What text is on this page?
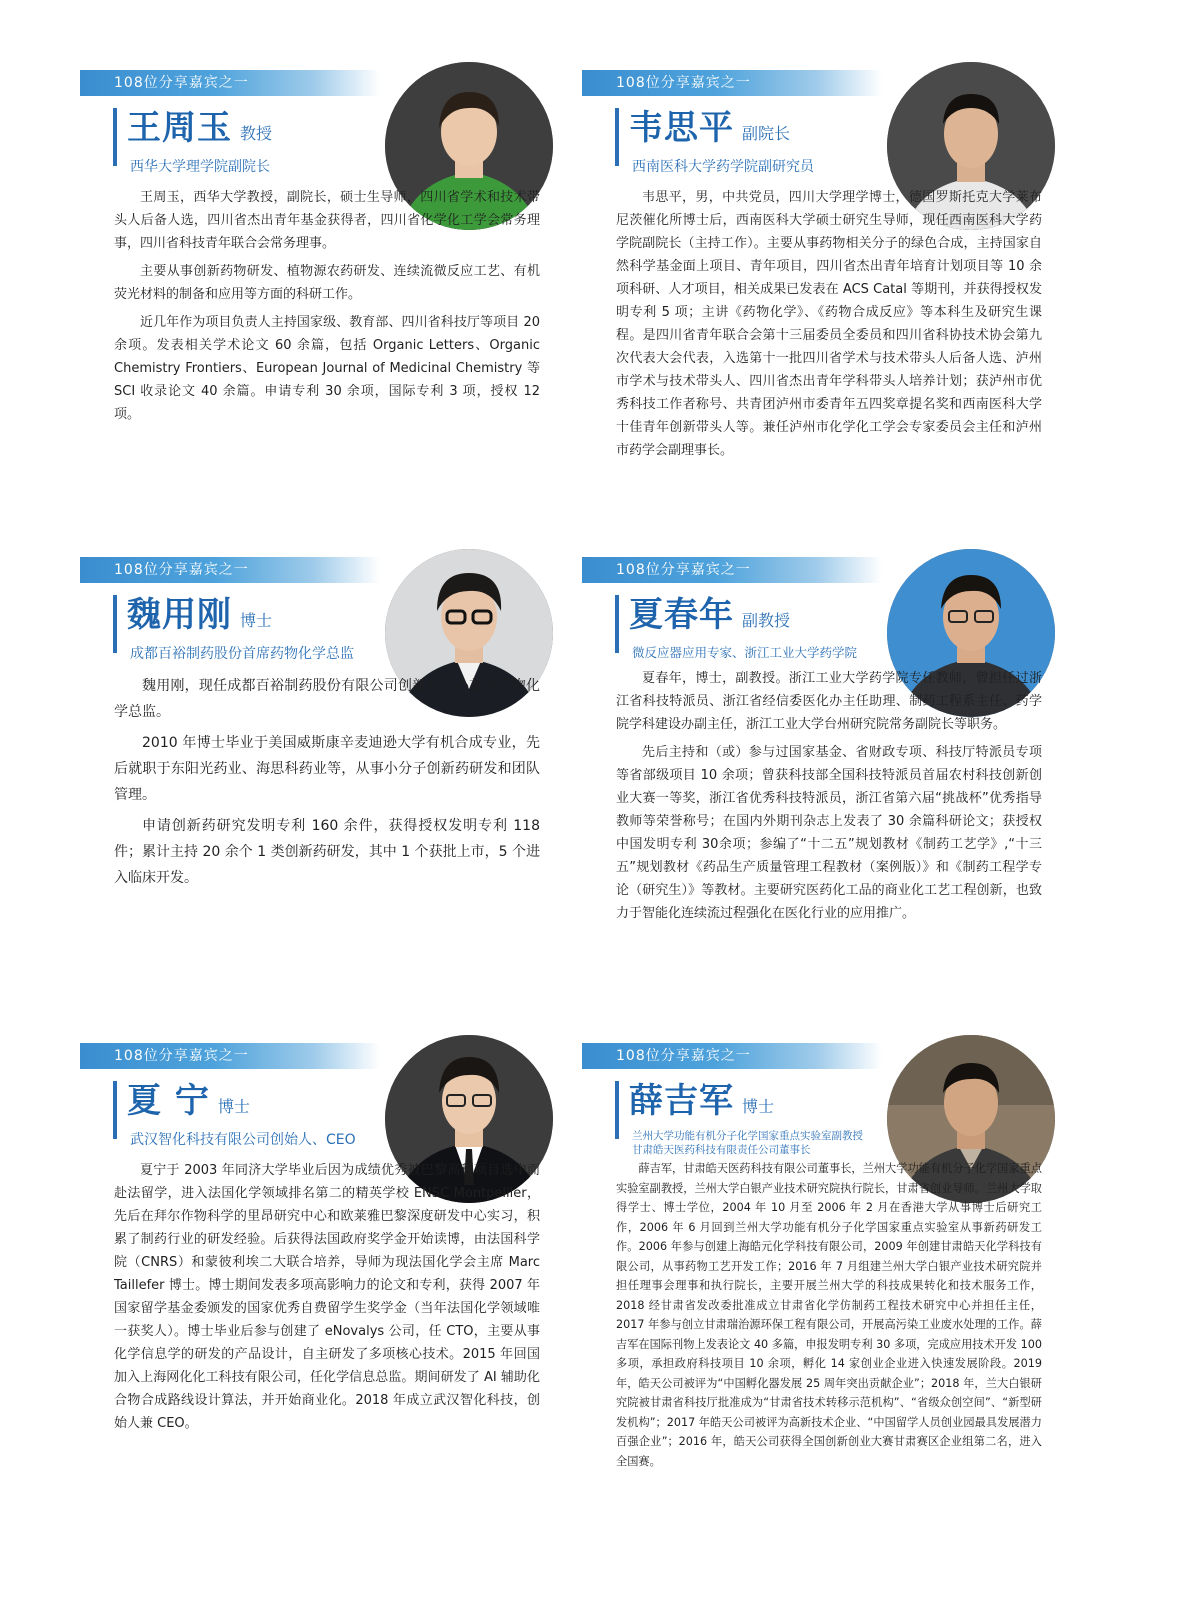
108位分享嘉宾之一
王周玉 教授
西华大学理学院副院长

王周玉，西华大学教授，副院长，硕士生导师，四川省学术和技术带头人后备人选，四川省杰出青年基金获得者，四川省化学化工学会常务理事，四川省科技青年联合会常务理事。

主要从事创新药物研发、植物源农药研发、连续流微反应工艺、有机荧光材料的制备和应用等方面的科研工作。

近几年作为项目负责人主持国家级、教育部、四川省科技厅等项目 20 余项。发表相关学术论文 60 余篇，包括 Organic Letters、Organic Chemistry Frontiers、European Journal of Medicinal Chemistry 等 SCI 收录论文 40 余篇。申请专利 30 余项，国际专利 3 项，授权 12 项。

108位分享嘉宾之一
韦思平 副院长
西南医科大学药学院副研究员

韦思平，男，中共党员，四川大学理学博士，德国罗斯托克大学莱布尼茨催化所博士后，西南医科大学硕士研究生导师，现任西南医科大学药学院副院长（主持工作）。主要从事药物相关分子的绿色合成，主持国家自然科学基金面上项目、青年项目，四川省杰出青年培育计划项目等 10 余项科研、人才项目，相关成果已发表在 ACS Catal 等期刊，并获得授权发明专利 5 项；主讲《药物化学》、《药物合成反应》等本科生及研究生课程。是四川省青年联合会第十三届委员全委员和四川省科协技术协会第九次代表大会代表，入选第十一批四川省学术与技术带头人后备人选、泸州市学术与技术带头人、四川省杰出青年学科带头人培养计划；获泸州市优秀科技工作者称号、共青团泸州市委青年五四奖章提名奖和西南医科大学十佳青年创新带头人等。兼任泸州市化学化工学会专家委员会主任和泸州市药学会副理事长。

108位分享嘉宾之一
魏用刚 博士
成都百裕制药股份首席药物化学总监

魏用刚，现任成都百裕制药股份有限公司创新药中心首席药物化学总监。

2010 年博士毕业于美国威斯康辛麦迪逊大学有机合成专业，先后就职于东阳光药业、海思科药业等，从事小分子创新药研发和团队管理。

申请创新药研究发明专利 160 余件，获得授权发明专利 118 件；累计主持 20 余个 1 类创新药研发，其中 1 个获批上市，5 个进入临床开发。

108位分享嘉宾之一
夏春年 副教授
微反应器应用专家、浙江工业大学药学院

夏春年，博士，副教授。浙江工业大学药学院专任教师，曾担任过浙江省科技特派员、浙江省经信委医化办主任助理、制药工程系主任、药学院学科建设办副主任，浙江工业大学台州研究院常务副院长等职务。

先后主持和（或）参与过国家基金、省财政专项、科技厅特派员专项等省部级项目 10 余项；曾获科技部全国科技特派员首届农村科技创新创业大赛一等奖，浙江省优秀科技特派员，浙江省第六届“挑战杯”优秀指导教师等荣誉称号；在国内外期刊杂志上发表了 30 余篇科研论文；获授权中国发明专利 30余项；参编了“十二五”规划教材《制药工艺学》,“十三五”规划教材《药品生产质量管理工程教材（案例版）》和《制药工程学专论（研究生）》等教材。主要研究医药化工品的商业化工艺工程创新，也致力于智能化连续流过程强化在医化行业的应用推广。

108位分享嘉宾之一
夏 宁 博士
武汉智化科技有限公司创始人、CEO

夏宁于 2003 年同济大学毕业后因为成绩优秀被巴黎高科项目选中而赴法留学，进入法国化学领域排名第二的精英学校 ENSC Montpellier，先后在拜尔作物科学的里昂研究中心和欧莱雅巴黎深度研发中心实习，积累了制药行业的研发经验。后获得法国政府奖学金开始读博，由法国科学院（CNRS）和蒙彼利埃二大联合培养，导师为现法国化学会主席 Marc Taillefer 博士。博士期间发表多项高影响力的论文和专利，获得 2007 年国家留学基金委颁发的国家优秀自费留学生奖学金（当年法国化学领域唯一获奖人）。博士毕业后参与创建了 eNovalys 公司，任 CTO，主要从事化学信息学的研发的产品设计，自主研发了多项核心技术。2015 年回国加入上海网化化工科技有限公司，任化学信息总监。期间研发了 AI 辅助化合物合成路线设计算法，并开始商业化。2018 年成立武汉智化科技，创始人兼 CEO。

108位分享嘉宾之一
薛吉军 博士
兰州大学功能有机分子化学国家重点实验室副教授
甘肃皓天医药科技有限责任公司董事长

薛吉军，甘肃皓天医药科技有限公司董事长，兰州大学功能有机分子化学国家重点实验室副教授，兰州大学白银产业技术研究院执行院长，甘肃省创业导师。兰州大学取得学士、博士学位，2004 年 10 月至 2006 年 2 月在香港大学从事博士后研究工作，2006 年 6 月回到兰州大学功能有机分子化学国家重点实验室从事新药研发工作。2006 年参与创建上海皓元化学科技有限公司，2009 年创建甘肃皓天化学科技有限公司，从事药物工艺开发工作；2016 年 7 月组建兰州大学白银产业技术研究院并担任理事会理事和执行院长，主要开展兰州大学的科技成果转化和技术服务工作，2018 经甘肃省发改委批准成立甘肃省化学仿制药工程技术研究中心并担任主任，2017 年参与创立甘肃瑞治源环保工程有限公司，开展高污染工业废水处理的工作。薛吉军在国际刊物上发表论文 40 多篇，申报发明专利 30 多项，完成应用技术开发 100 多项，承担政府科技项目 10 余项，孵化 14 家创业企业进入快速发展阶段。2019 年，皓天公司被评为“中国孵化器发展 25 周年突出贡献企业”；2018 年，兰大白银研究院被甘肃省科技厅批准成为“甘肃省技术转移示范机构”、“省级众创空间”、“新型研发机构”；2017 年皓天公司被评为高新技术企业、“中国留学人员创业园最具发展潜力百强企业”；2016 年，皓天公司获得全国创新创业大赛甘肃赛区企业组第二名，进入全国赛。
